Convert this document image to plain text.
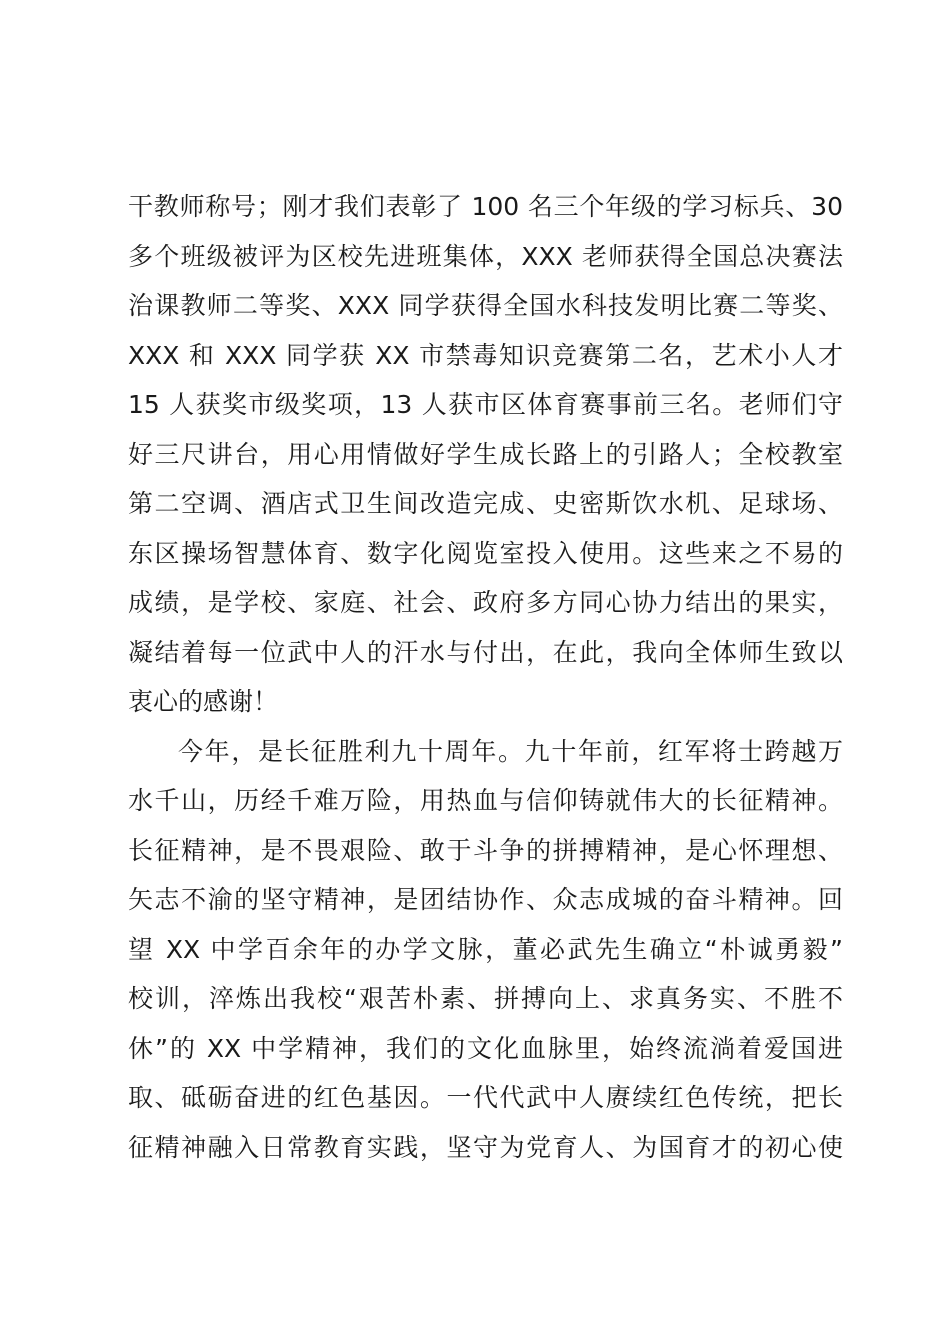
干教师称号；刚才我们表彰了 100 名三个年级的学习标兵、30
多个班级被评为区校先进班集体，XXX 老师获得全国总决赛法
治课教师二等奖、XXX 同学获得全国水科技发明比赛二等奖、
XXX 和 XXX 同学获 XX 市禁毒知识竞赛第二名，艺术小人才
15 人获奖市级奖项，13 人获市区体育赛事前三名。老师们守
好三尺讲台，用心用情做好学生成长路上的引路人；全校教室
第二空调、酒店式卫生间改造完成、史密斯饮水机、足球场、
东区操场智慧体育、数字化阅览室投入使用。这些来之不易的
成绩，是学校、家庭、社会、政府多方同心协力结出的果实，
凝结着每一位武中人的汗水与付出，在此，我向全体师生致以
衷心的感谢！
今年，是长征胜利九十周年。九十年前，红军将士跨越万
水千山，历经千难万险，用热血与信仰铸就伟大的长征精神。
长征精神，是不畏艰险、敢于斗争的拼搏精神，是心怀理想、
矢志不渝的坚守精神，是团结协作、众志成城的奋斗精神。回
望 XX 中学百余年的办学文脉，董必武先生确立“朴诚勇毅”
校训，淬炼出我校“艰苦朴素、拼搏向上、求真务实、不胜不
休”的 XX 中学精神，我们的文化血脉里，始终流淌着爱国进
取、砥砺奋进的红色基因。一代代武中人赓续红色传统，把长
征精神融入日常教育实践，坚守为党育人、为国育才的初心使
